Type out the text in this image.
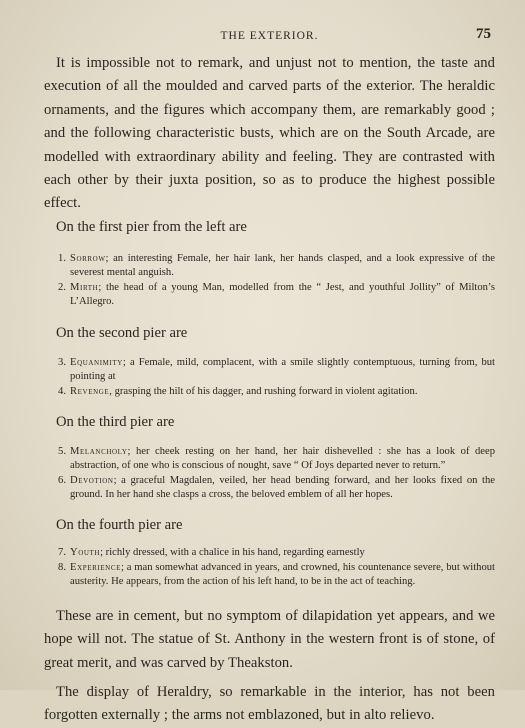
THE EXTERIOR.	75

It is impossible not to remark, and unjust not to mention, the taste and execution of all the moulded and carved parts of the exterior. The heraldic ornaments, and the figures which accompany them, are remarkably good ; and the following characteristic busts, which are on the South Arcade, are modelled with extraordinary ability and feeling. They are contrasted with each other by their juxta position, so as to produce the highest possible effect.

On the first pier from the left are

1. Sorrow; an interesting Female, her hair lank, her hands clasped, and a look expressive of the severest mental anguish.
2. Mirth; the head of a young Man, modelled from the “ Jest, and youthful Jollity” of Milton’s L’Allegro.

On the second pier are

3. Equanimity; a Female, mild, complacent, with a smile slightly contemptuous, turning from, but pointing at
4. Revenge, grasping the hilt of his dagger, and rushing forward in violent agitation.

On the third pier are

5. Melancholy; her cheek resting on her hand, her hair dishevelled : she has a look of deep abstraction, of one who is conscious of nought, save “ Of Joys departed never to return.”
6. Devotion; a graceful Magdalen, veiled, her head bending forward, and her looks fixed on the ground. In her hand she clasps a cross, the beloved emblem of all her hopes.

On the fourth pier are

7. Youth; richly dressed, with a chalice in his hand, regarding earnestly
8. Experience; a man somewhat advanced in years, and crowned, his countenance severe, but without austerity. He appears, from the action of his left hand, to be in the act of teaching.

These are in cement, but no symptom of dilapidation yet appears, and we hope will not. The statue of St. Anthony in the western front is of stone, of great merit, and was carved by Theakston.

The display of Heraldry, so remarkable in the interior, has not been forgotten externally ; the arms not emblazoned, but in alto relievo.
